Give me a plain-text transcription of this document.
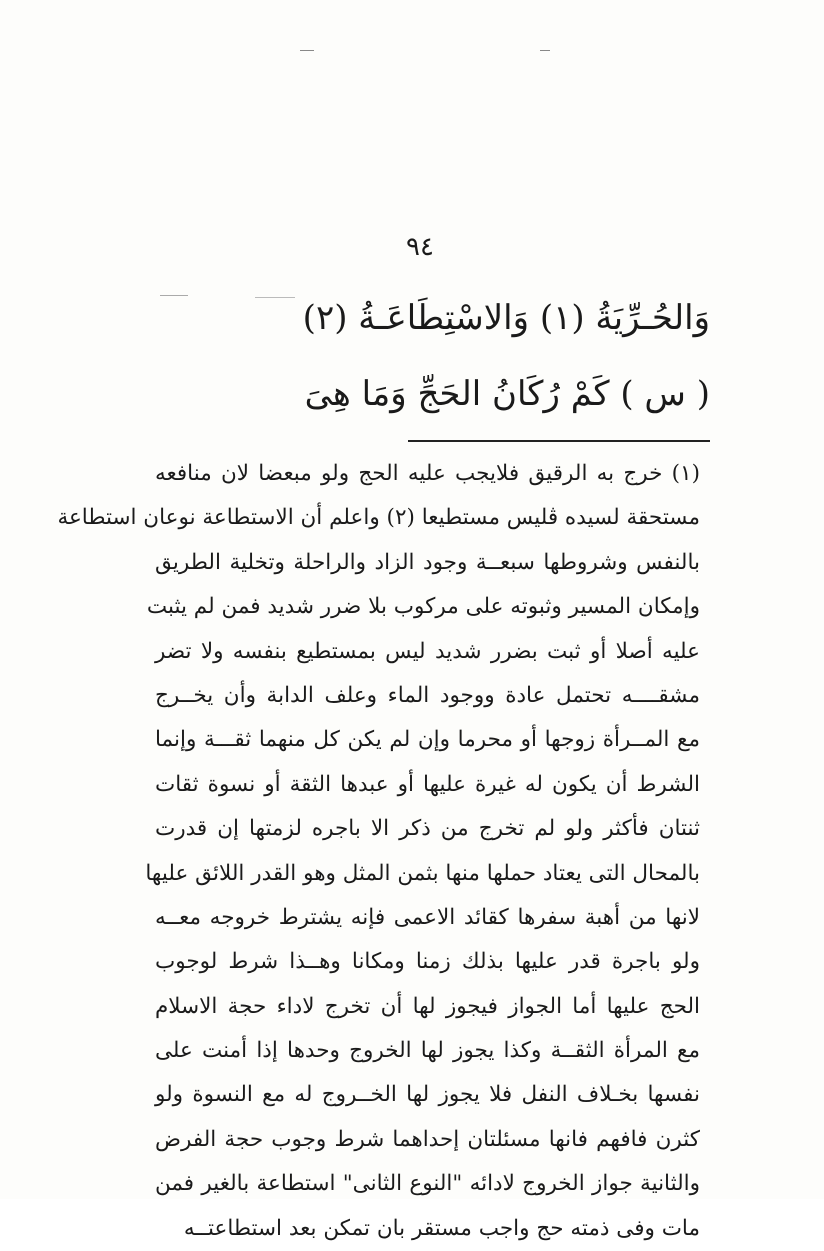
٩٤
وَالحُـرِّيَةُ (١) وَالاسْتِطَاعَـةُ (٢)
( س ) كَمْ رُكَانُ الحَجِّ وَمَا هِىَ
(١) خرج به الرقيق فلايجب عليه الحج ولو مبعضا لان منافعه
مستحقة لسيده ڤليس مستطيعا (٢) واعلم أن الاستطاعة نوعان استطاعة
بالنفس وشروطها سبعــة وجود الزاد والراحلة وتخلية الطريق
وإمكان المسير وثبوته على مركوب بلا ضرر شديد فمن لم يثبت
عليه أصلا أو ثبت بضرر شديد ليس بمستطيع بنفسه ولا تضر
مشقــــه تحتمل عادة ووجود الماء وعلف الدابة وأن يخــرج
مع المــرأة زوجها أو محرما وإن لم يكن كل منهما ثقـــة وإنما
الشرط أن يكون له غيرة عليها أو عبدها الثقة أو نسوة ثقات
ثنتان فأكثر ولو لم تخرج من ذكر الا باجره لزمتها إن قدرت
بالمحال التى يعتاد حملها منها بثمن المثل وهو القدر اللائق عليها
لانها من أهبة سفرها كقائد الاعمى فإنه يشترط خروجه معــه
ولو باجرة قدر عليها بذلك زمنا ومكانا وهــذا شرط لوجوب
الحج عليها أما الجواز فيجوز لها أن تخرج لاداء حجة الاسلام
مع المرأة الثقــة وكذا يجوز لها الخروج وحدها إذا أمنت على
نفسها بخـلاف النفل فلا يجوز لها الخــروج له مع النسوة ولو
كثرن فافهم فانها مسئلتان إحداهما شرط وجوب حجة الفرض
والثانية جواز الخروج لادائه "النوع الثانى" استطاعة بالغير فمن
مات وفى ذمته حج واجب مستقر بان تمكن بعد استطاعتــه
